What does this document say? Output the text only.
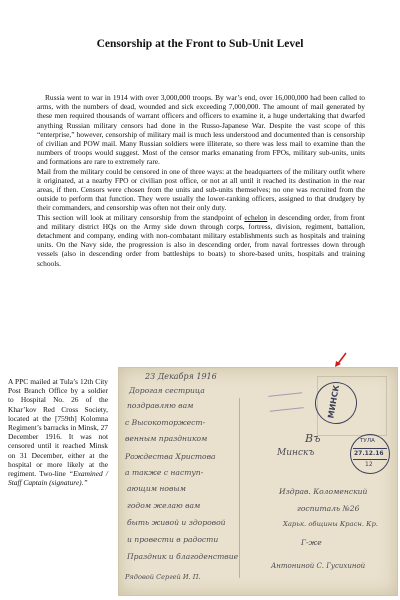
Censorship at the Front to Sub-Unit Level

Russia went to war in 1914 with over 3,000,000 troops. By war’s end, over 16,000,000 had been called to arms, with the numbers of dead, wounded and sick exceeding 7,000,000. The amount of mail generated by these men required thousands of warrant officers and officers to examine it, a huge undertaking that dwarfed anything Russian military censors had done in the Russo-Japanese War. Despite the vast scope of this “enterprise,” however, censorship of military mail is much less understood and documented than is censorship of civilian and POW mail. Many Russian soldiers were illiterate, so there was less mail to examine than the numbers of troops would suggest. Most of the censor marks emanating from FPOs, military sub-units, units and formations are rare to extremely rare.

Mail from the military could be censored in one of three ways: at the headquarters of the military outfit where it originated, at a nearby FPO or civilian post office, or not at all until it reached its destination in the rear areas, if then. Censors were chosen from the units and sub-units themselves; no one was recruited from the outside to perform that function. They were usually the lower-ranking officers, assigned to that drudgery by their commanders, and censorship was often not their only duty.

This section will look at military censorship from the standpoint of echelon in descending order, from front and military district HQs on the Army side down through corps, fortress, division, regiment, battalion, detachment and company, ending with non-combatant military establishments such as hospitals and training units. On the Navy side, the progression is also in descending order, from naval fortresses down through vessels (also in descending order from battleships to boats) to shore-based units, hospitals and training schools.

A PPC mailed at Tula’s 12th City Post Branch Office by a soldier to Hospital No. 26 of the Khar’kov Red Cross Society, located at the [759th] Kolomna Regiment’s barracks in Minsk, 27 December 1916. It was not censored until it reached Minsk on 31 December, either at the hospital or more likely at the regiment. Two-line “Examined / Staff Captain (signature).”
23 Декабря 1916
Дорогая сестрица
поздравляю вам
с Высокоторжест-
венным праздником
Рождества Христова
а также с наступ-
ающим новым
годом желаю вам
быть живой и здоровой
и провести в радости
Праздник и благоденствие
Рядовой Сергей И. П.
Въ
Минскъ
Издрав. Коломенский
госпиталь №26
Харьк. общины Красн. Кр.
Г-же
Антониной С. Гусихиной
МИНСК
ТУЛА
27.12.16
12
